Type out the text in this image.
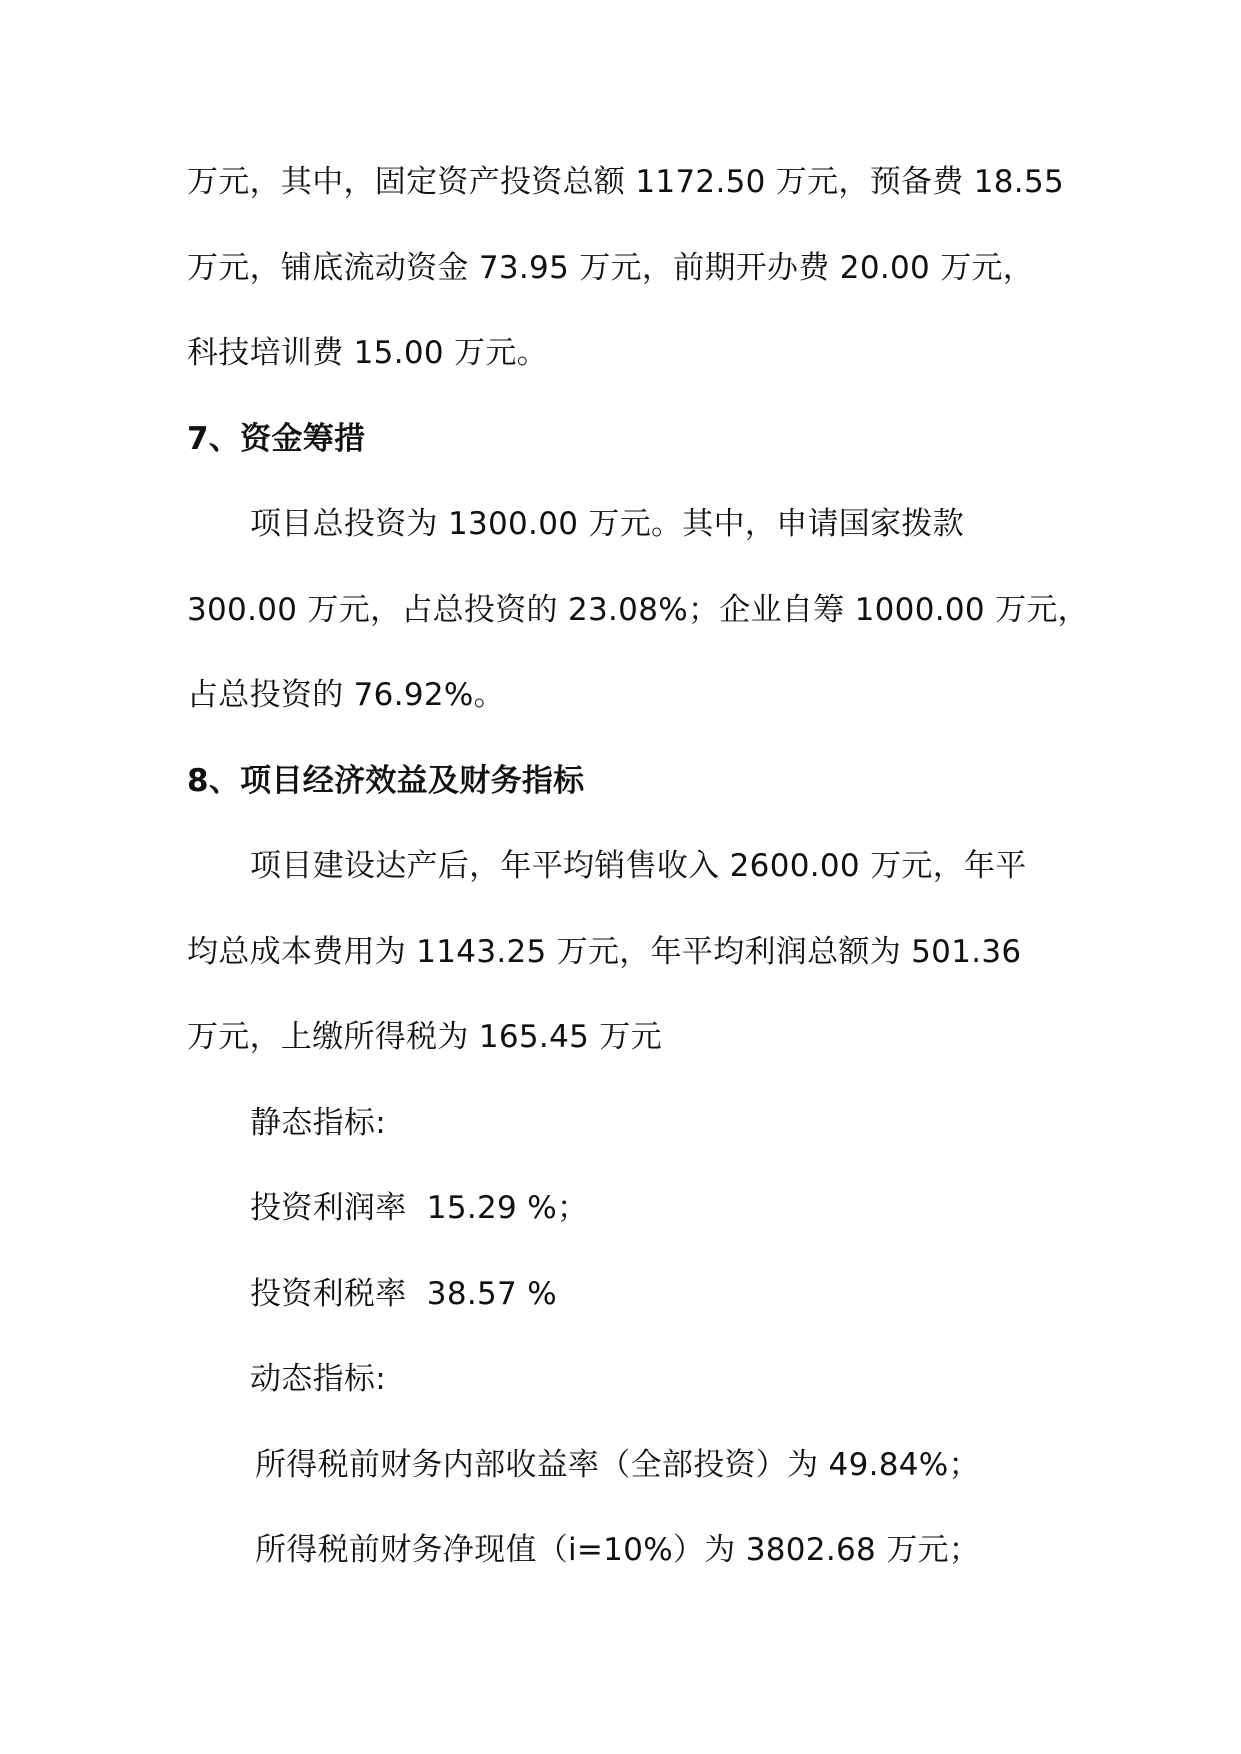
万元，其中，固定资产投资总额 1172.50 万元，预备费 18.55
万元，铺底流动资金 73.95 万元，前期开办费 20.00 万元，
科技培训费 15.00 万元。
7、资金筹措
项目总投资为 1300.00 万元。其中，申请国家拨款
300.00 万元，占总投资的 23.08%；企业自筹 1000.00 万元，
占总投资的 76.92%。
8、项目经济效益及财务指标
项目建设达产后，年平均销售收入 2600.00 万元，年平
均总成本费用为 1143.25 万元，年平均利润总额为 501.36
万元，上缴所得税为 165.45 万元
静态指标:
投资利润率  15.29 %；
投资利税率  38.57 %
动态指标:
所得税前财务内部收益率（全部投资）为 49.84%；
所得税前财务净现值（i=10%）为 3802.68 万元；
